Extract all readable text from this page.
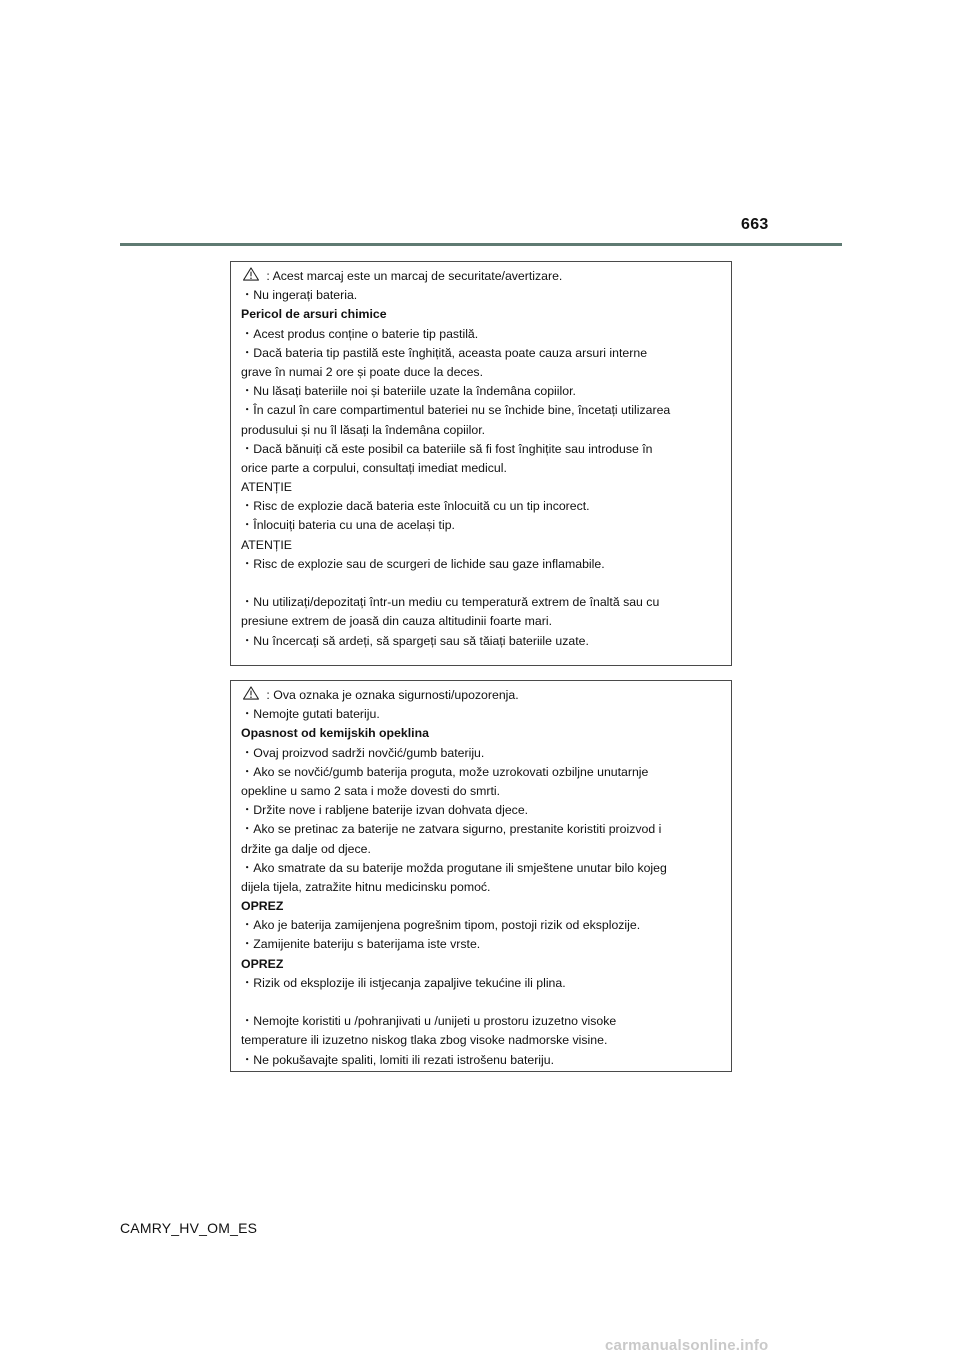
663
: Acest marcaj este un marcaj de securitate/avertizare.
・Nu ingerați bateria.
Pericol de arsuri chimice
・Acest produs conține o baterie tip pastilă.
・Dacă bateria tip pastilă este înghițită, aceasta poate cauza arsuri interne
grave în numai 2 ore și poate duce la deces.
・Nu lăsați bateriile noi și bateriile uzate la îndemâna copiilor.
・În cazul în care compartimentul bateriei nu se închide bine, încetați utilizarea
produsului și nu îl lăsați la îndemâna copiilor.
・Dacă bănuiți că este posibil ca bateriile să fi fost înghițite sau introduse în
orice parte a corpului, consultați imediat medicul.
ATENȚIE
・Risc de explozie dacă bateria este înlocuită cu un tip incorect.
・Înlocuiți bateria cu una de același tip.
ATENȚIE
・Risc de explozie sau de scurgeri de lichide sau gaze inflamabile.
・Nu utilizați/depozitați într-un mediu cu temperatură extrem de înaltă sau cu
presiune extrem de joasă din cauza altitudinii foarte mari.
・Nu încercați să ardeți, să spargeți sau să tăiați bateriile uzate.
: Ova oznaka je oznaka sigurnosti/upozorenja.
・Nemojte gutati bateriju.
Opasnost od kemijskih opeklina
・Ovaj proizvod sadrži novčić/gumb bateriju.
・Ako se novčić/gumb baterija proguta, može uzrokovati ozbiljne unutarnje
opekline u samo 2 sata i može dovesti do smrti.
・Držite nove i rabljene baterije izvan dohvata djece.
・Ako se pretinac za baterije ne zatvara sigurno, prestanite koristiti proizvod i
držite ga dalje od djece.
・Ako smatrate da su baterije možda progutane ili smještene unutar bilo kojeg
dijela tijela, zatražite hitnu medicinsku pomoć.
OPREZ
・Ako je baterija zamijenjena pogrešnim tipom, postoji rizik od eksplozije.
・Zamijenite bateriju s baterijama iste vrste.
OPREZ
・Rizik od eksplozije ili istjecanja zapaljive tekućine ili plina.
・Nemojte koristiti u /pohranjivati u /unijeti u prostoru izuzetno visoke
temperature ili izuzetno niskog tlaka zbog visoke nadmorske visine.
・Ne pokušavajte spaliti, lomiti ili rezati istrošenu bateriju.
CAMRY_HV_OM_ES
carmanualsonline.info
